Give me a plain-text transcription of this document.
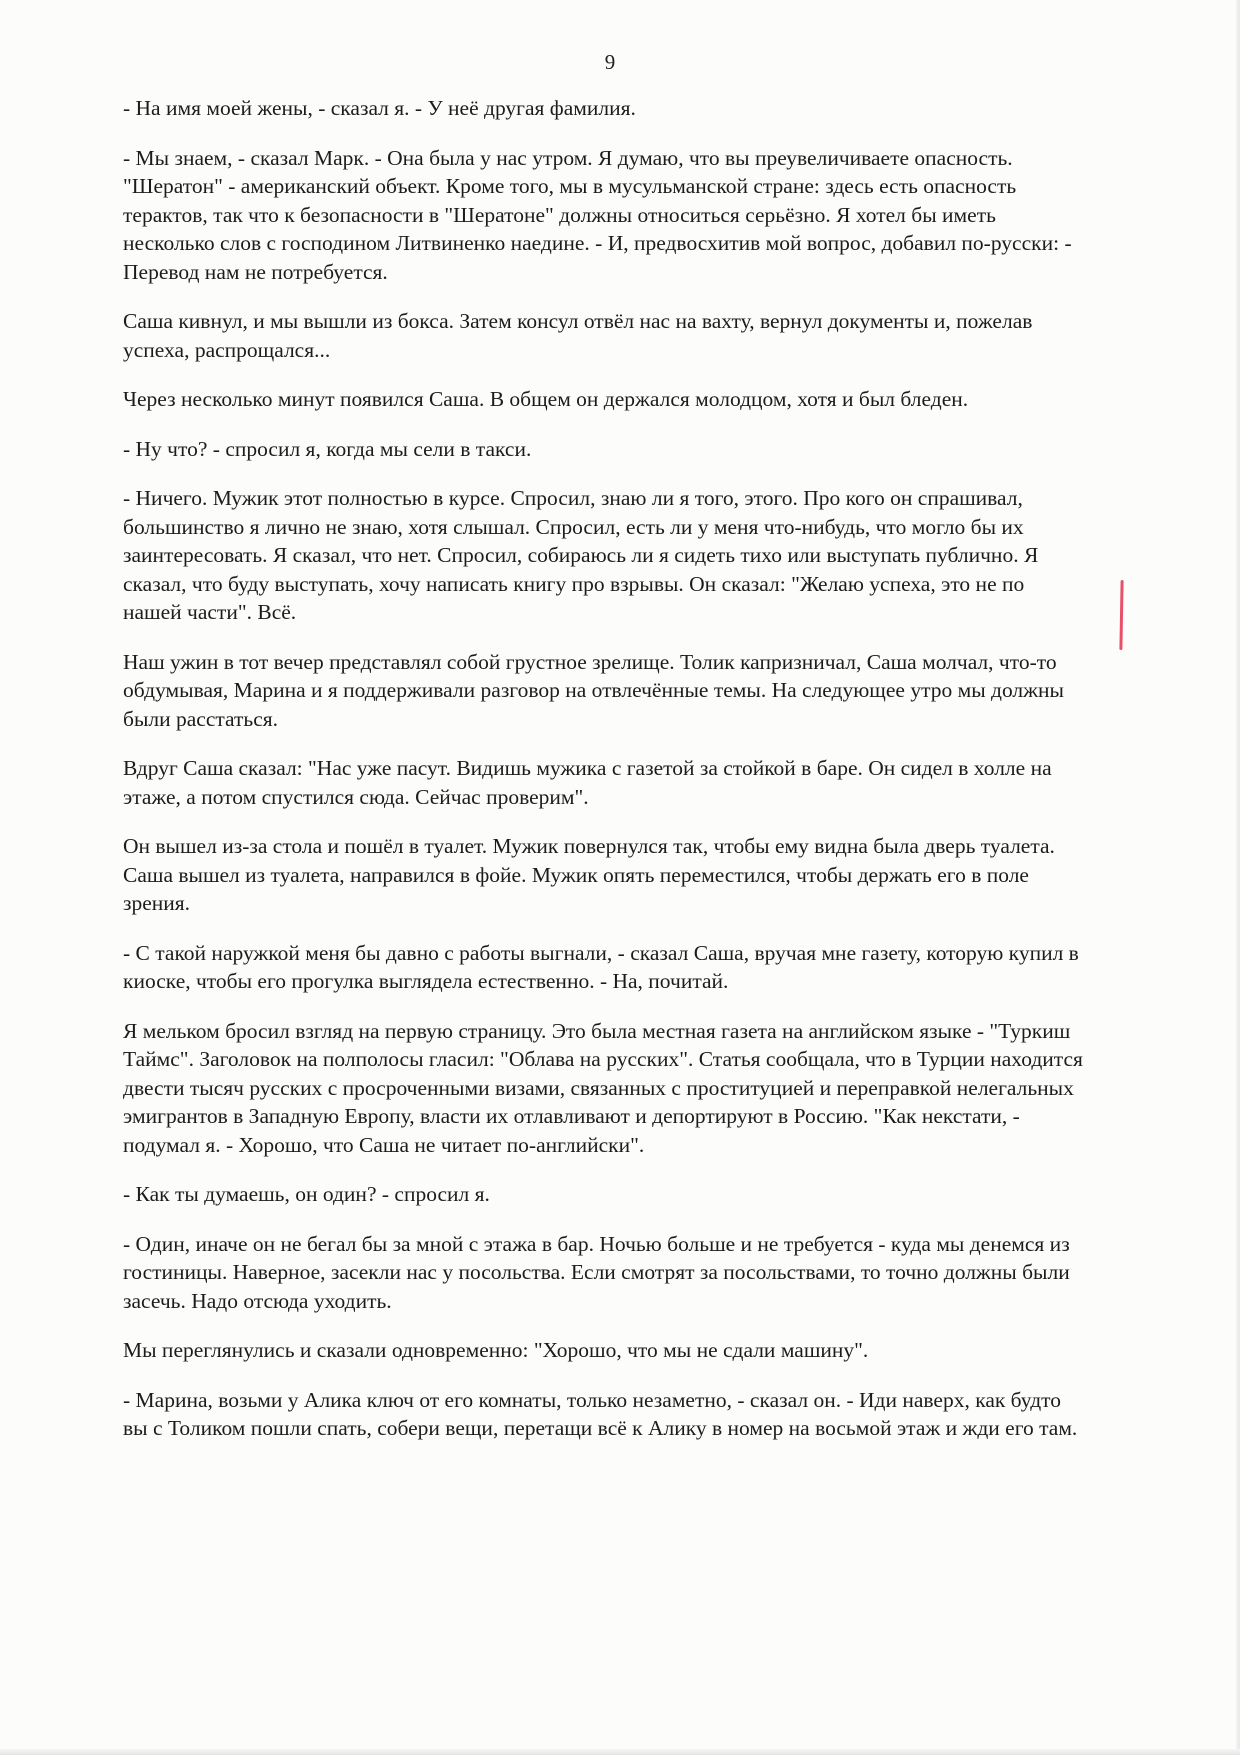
9

- На имя моей жены, - сказал я. - У неё другая фамилия.

- Мы знаем, - сказал Марк. - Она была у нас утром. Я думаю, что вы преувеличиваете опасность. "Шератон" - американский объект. Кроме того, мы в мусульманской стране: здесь есть опасность терактов, так что к безопасности в "Шератоне" должны относиться серьёзно. Я хотел бы иметь несколько слов с господином Литвиненко наедине. - И, предвосхитив мой вопрос, добавил по-русски: - Перевод нам не потребуется.

Саша кивнул, и мы вышли из бокса. Затем консул отвёл нас на вахту, вернул документы и, пожелав успеха, распрощался...

Через несколько минут появился Саша. В общем он держался молодцом, хотя и был бледен.

- Ну что? - спросил я, когда мы сели в такси.

- Ничего. Мужик этот полностью в курсе. Спросил, знаю ли я того, этого. Про кого он спрашивал, большинство я лично не знаю, хотя слышал. Спросил, есть ли у меня что-нибудь, что могло бы их заинтересовать. Я сказал, что нет. Спросил, собираюсь ли я сидеть тихо или выступать публично. Я сказал, что буду выступать, хочу написать книгу про взрывы. Он сказал: "Желаю успеха, это не по нашей части". Всё.

Наш ужин в тот вечер представлял собой грустное зрелище. Толик капризничал, Саша молчал, что-то обдумывая, Марина и я поддерживали разговор на отвлечённые темы. На следующее утро мы должны были расстаться.

Вдруг Саша сказал: "Нас уже пасут. Видишь мужика с газетой за стойкой в баре. Он сидел в холле на этаже, а потом спустился сюда. Сейчас проверим".

Он вышел из-за стола и пошёл в туалет. Мужик повернулся так, чтобы ему видна была дверь туалета. Саша вышел из туалета, направился в фойе. Мужик опять переместился, чтобы держать его в поле зрения.

- С такой наружкой меня бы давно с работы выгнали, - сказал Саша, вручая мне газету, которую купил в киоске, чтобы его прогулка выглядела естественно. - На, почитай.

Я мельком бросил взгляд на первую страницу. Это была местная газета на английском языке - "Туркиш Таймс". Заголовок на полполосы гласил: "Облава на русских". Статья сообщала, что в Турции находится двести тысяч русских с просроченными визами, связанных с проституцией и переправкой нелегальных эмигрантов в Западную Европу, власти их отлавливают и депортируют в Россию. "Как некстати, - подумал я. - Хорошо, что Саша не читает по-английски".

- Как ты думаешь, он один? - спросил я.

- Один, иначе он не бегал бы за мной с этажа в бар. Ночью больше и не требуется - куда мы денемся из гостиницы. Наверное, засекли нас у посольства. Если смотрят за посольствами, то точно должны были засечь. Надо отсюда уходить.

Мы переглянулись и сказали одновременно: "Хорошо, что мы не сдали машину".

- Марина, возьми у Алика ключ от его комнаты, только незаметно, - сказал он. - Иди наверх, как будто вы с Толиком пошли спать, собери вещи, перетащи всё к Алику в номер на восьмой этаж и жди его там.
